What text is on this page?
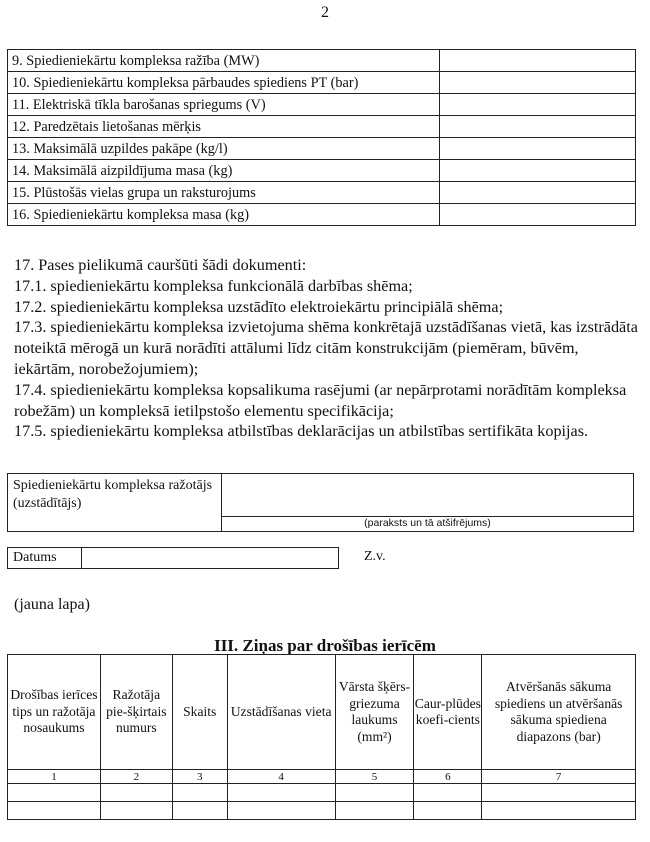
2
9. Spiedieniekārtu kompleksa ražība (MW)	
10. Spiedieniekārtu kompleksa pārbaudes spiediens PT (bar)	
11. Elektriskā tīkla barošanas spriegums (V)	
12. Paredzētais lietošanas mērķis	
13. Maksimālā uzpildes pakāpe (kg/l)	
14. Maksimālā aizpildījuma masa (kg)	
15. Plūstošās vielas grupa un raksturojums	
16. Spiedieniekārtu kompleksa masa (kg)	

17. Pases pielikumā cauršūti šādi dokumenti:

17.1. spiedieniekārtu kompleksa funkcionālā darbības shēma;

17.2. spiedieniekārtu kompleksa uzstādīto elektroiekārtu principiālā shēma;

17.3. spiedieniekārtu kompleksa izvietojuma shēma konkrētajā uzstādīšanas vietā, kas izstrādāta noteiktā mērogā un kurā norādīti attālumi līdz citām konstrukcijām (piemēram, būvēm, iekārtām, norobežojumiem);

17.4. spiedieniekārtu kompleksa kopsalikuma rasējumi (ar nepārprotami norādītām kompleksa robežām) un kompleksā ietilpstošo elementu specifikācija;

17.5. spiedieniekārtu kompleksa atbilstības deklarācijas un atbilstības sertifikāta kopijas.

Spiedieniekārtu kompleksa ražotājs (uzstādītājs)	
(paraksts un tā atšifrējums)
Datums		Z.v.
(jauna lapa)
III. Ziņas par drošības ierīcēm
Drošības ierīces tips un ražotāja nosaukums	Ražotāja pie-šķirtais numurs	Skaits	Uzstādīšanas vieta	Vārsta šķērs-griezuma laukums (mm²)	Caur-plūdes koefi-cients	Atvēršanās sākuma spiediens un atvēršanās sākuma spiediena diapazons (bar)
1	2	3	4	5	6	7
